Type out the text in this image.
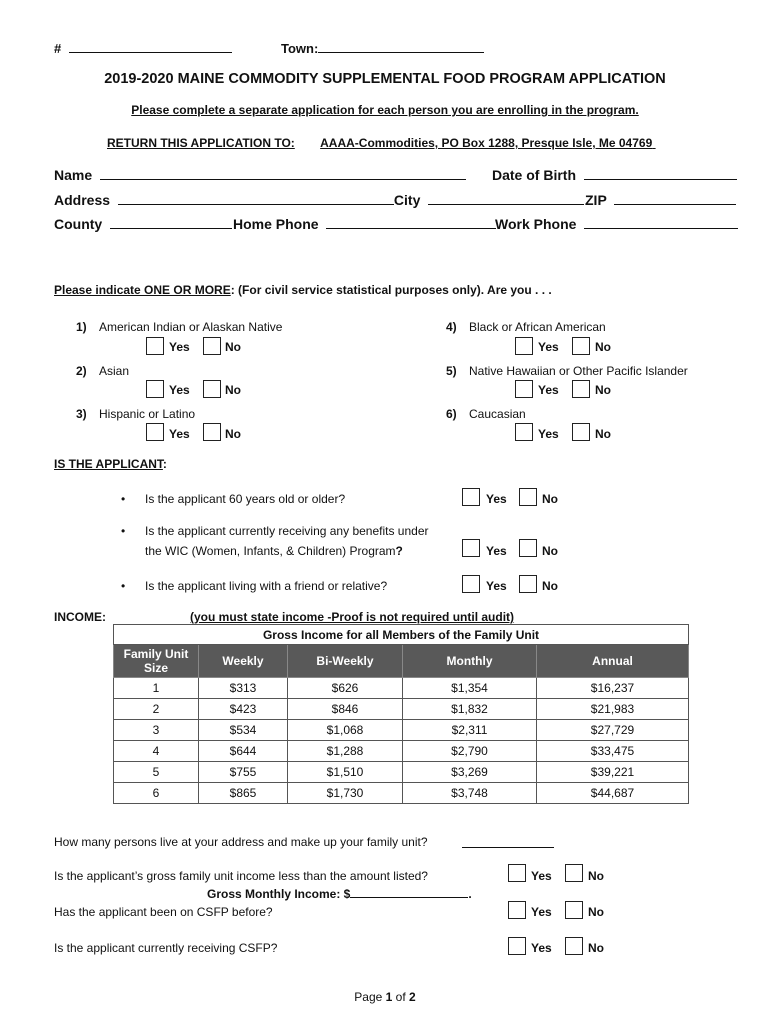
#	Town:
2019-2020 MAINE COMMODITY SUPPLEMENTAL FOOD PROGRAM APPLICATION
Please complete a separate application for each person you are enrolling in the program.
RETURN THIS APPLICATION TO: AAAA-Commodities, PO Box 1288, Presque Isle, Me 04769
Name	Date of Birth
Address	City	ZIP
County	Home Phone	Work Phone
Please indicate ONE OR MORE: (For civil service statistical purposes only). Are you . . .
1) American Indian or Alaskan Native
Yes	No
2) Asian
Yes	No
3) Hispanic or Latino
Yes	No
4) Black or African American
Yes	No
5) Native Hawaiian or Other Pacific Islander
Yes	No
6) Caucasian
Yes	No
IS THE APPLICANT:
• Is the applicant 60 years old or older?	Yes	No
• Is the applicant currently receiving any benefits under
the WIC (Women, Infants, & Children) Program?	Yes	No
• Is the applicant living with a friend or relative?	Yes	No
INCOME:	(you must state income -Proof is not required until audit)
Gross Income for all Members of the Family Unit				
Family Unit Size	Weekly	Bi-Weekly	Monthly	Annual
1	$313	$626	$1,354	$16,237
2	$423	$846	$1,832	$21,983
3	$534	$1,068	$2,311	$27,729
4	$644	$1,288	$2,790	$33,475
5	$755	$1,510	$3,269	$39,221
6	$865	$1,730	$3,748	$44,687
How many persons live at your address and make up your family unit?
Is the applicant’s gross family unit income less than the amount listed?	Yes	No
Gross Monthly Income: $	.
Has the applicant been on CSFP before?	Yes	No
Is the applicant currently receiving CSFP?	Yes	No
Page 1 of 2
